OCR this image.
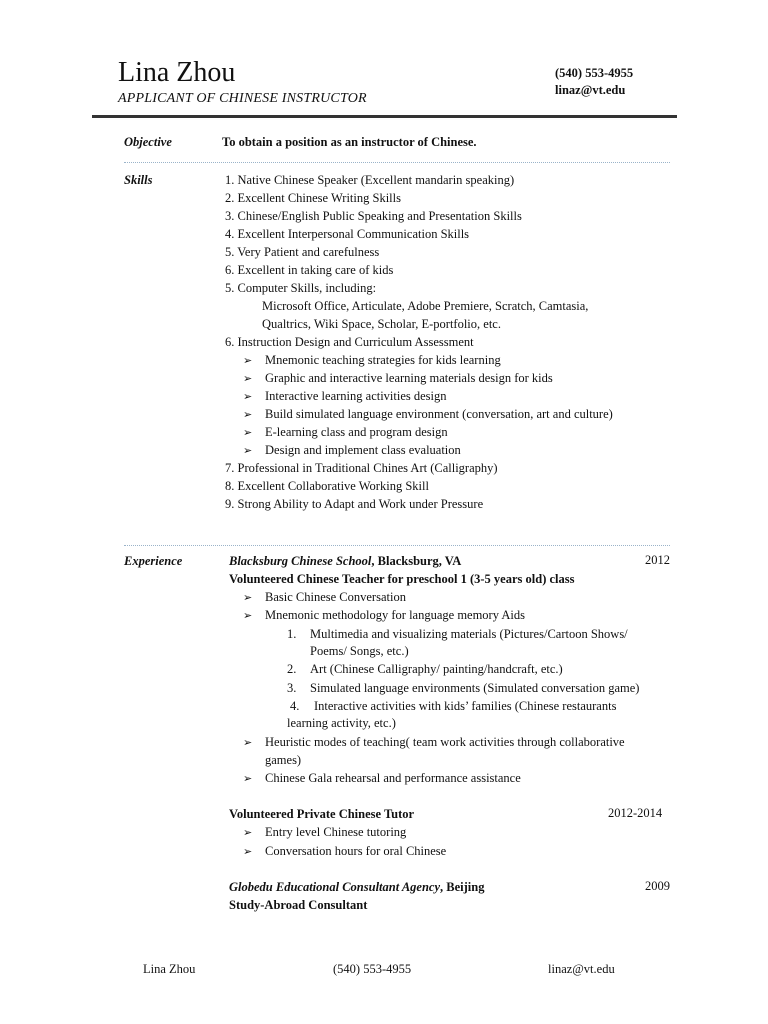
Lina Zhou
APPLICANT OF CHINESE INSTRUCTOR
(540) 553-4955
linaz@vt.edu
Objective	To obtain a position as an instructor of Chinese.
Skills	1. Native Chinese Speaker (Excellent mandarin speaking)
2. Excellent Chinese Writing Skills
3. Chinese/English Public Speaking and Presentation Skills
4. Excellent Interpersonal Communication Skills
5. Very Patient and carefulness
6. Excellent in taking care of kids
5. Computer Skills, including:
Microsoft Office, Articulate, Adobe Premiere, Scratch, Camtasia,
Qualtrics, Wiki Space, Scholar, E-portfolio, etc.
6. Instruction Design and Curriculum Assessment
➢ Mnemonic teaching strategies for kids learning
➢ Graphic and interactive learning materials design for kids
➢ Interactive learning activities design
➢ Build simulated language environment (conversation, art and culture)
➢ E-learning class and program design
➢ Design and implement class evaluation
7. Professional in Traditional Chines Art (Calligraphy)
8. Excellent Collaborative Working Skill
9. Strong Ability to Adapt and Work under Pressure
Experience	Blacksburg Chinese School, Blacksburg, VA	2012
Volunteered Chinese Teacher for preschool 1 (3-5 years old) class
➢ Basic Chinese Conversation
➢ Mnemonic methodology for language memory Aids
1. Multimedia and visualizing materials (Pictures/Cartoon Shows/
Poems/ Songs, etc.)
2. Art (Chinese Calligraphy/ painting/handcraft, etc.)
3. Simulated language environments (Simulated conversation game)
4. Interactive activities with kids’ families (Chinese restaurants
learning activity, etc.)
➢ Heuristic modes of teaching( team work activities through collaborative
games)
➢ Chinese Gala rehearsal and performance assistance
Volunteered Private Chinese Tutor	2012-2014
➢ Entry level Chinese tutoring
➢ Conversation hours for oral Chinese
Globedu Educational Consultant Agency, Beijing	2009
Study-Abroad Consultant
Lina Zhou	(540) 553-4955	linaz@vt.edu
